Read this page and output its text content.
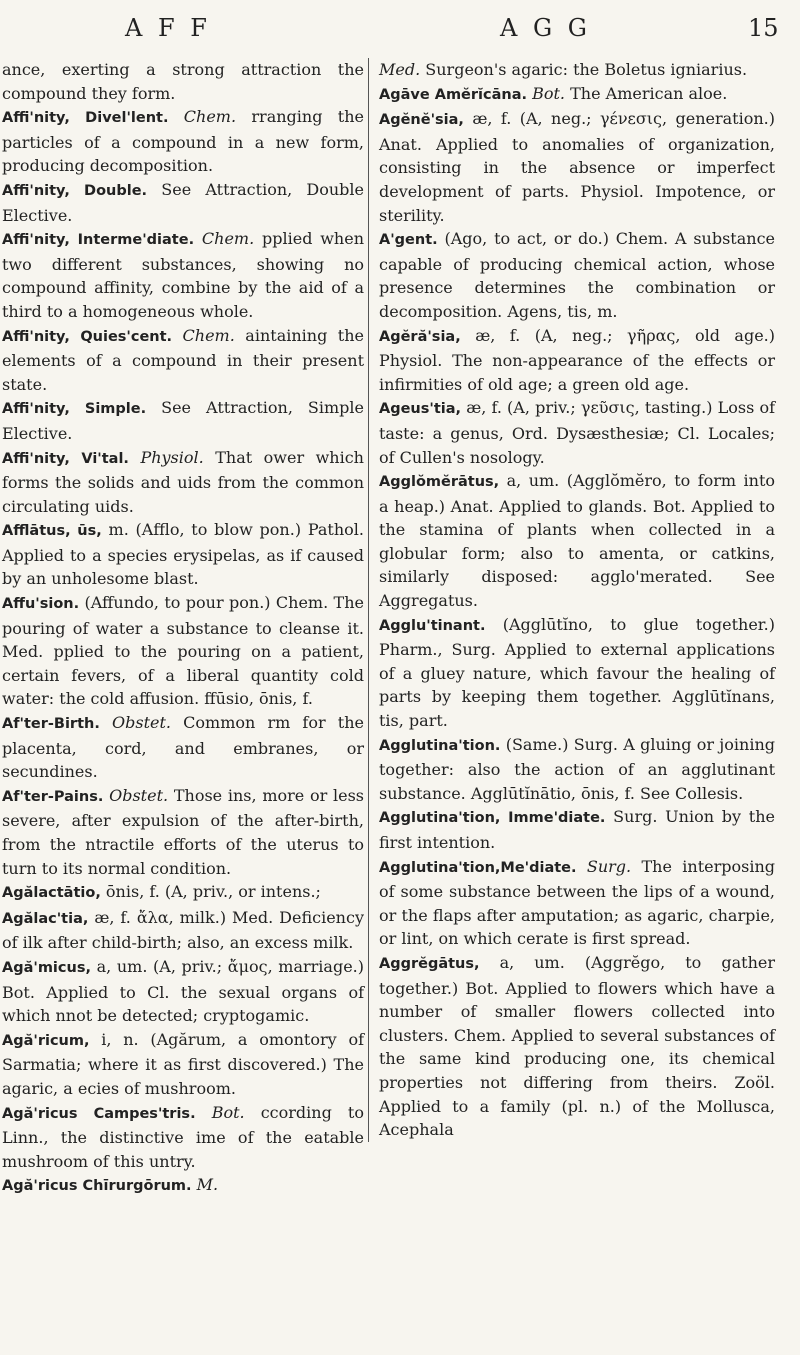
A F F	A G G	15

ance, exerting a strong attraction the compound they form.

Affi'nity, Divel'lent. Chem. rranging the particles of a compound in a new form, producing decomposition.

Affi'nity, Double. See Attraction, Double Elective.

Affi'nity, Interme'diate. Chem. pplied when two different substances, showing no compound affinity, combine by the aid of a third to a homogeneous whole.

Affi'nity, Quies'cent. Chem. aintaining the elements of a compound in their present state.

Affi'nity, Simple. See Attraction, Simple Elective.

Affi'nity, Vi'tal. Physiol. That ower which forms the solids and uids from the common circulating uids.

Afflātus, ūs, m. (Afflo, to blow pon.) Pathol. Applied to a species erysipelas, as if caused by an unholesome blast.

Affu'sion. (Affundo, to pour pon.) Chem. The pouring of water a substance to cleanse it. Med. pplied to the pouring on a patient, certain fevers, of a liberal quantity cold water: the cold affusion. ffūsio, ōnis, f.

Af'ter-Birth. Obstet. Common rm for the placenta, cord, and embranes, or secundines.

Af'ter-Pains. Obstet. Those ins, more or less severe, after expulsion of the after-birth, from the ntractile efforts of the uterus to turn to its normal condition.

Agălactātio, ōnis, f. (A, priv., or intens.;

Agălac'tia, æ, f. ἄλα, milk.) Med. Deficiency of ilk after child-birth; also, an excess milk.

Agă'micus, a, um. (A, priv.; ἄμος, marriage.) Bot. Applied to Cl. the sexual organs of which nnot be detected; cryptogamic.

Agă'ricum, i, n. (Agărum, a omontory of Sarmatia; where it as first discovered.) The agaric, a ecies of mushroom.

Agă'ricus Campes'tris. Bot. ccording to Linn., the distinctive ime of the eatable mushroom of this untry.

Agă'ricus Chīrurgōrum. M.

Med. Surgeon's agaric: the Boletus igniarius.

Agāve Amĕrĭcāna. Bot. The American aloe.

Agĕnĕ'sia, æ, f. (A, neg.; γένεσις, generation.) Anat. Applied to anomalies of organization, consisting in the absence or imperfect development of parts. Physiol. Impotence, or sterility.

A'gent. (Ago, to act, or do.) Chem. A substance capable of producing chemical action, whose presence determines the combination or decomposition. Agens, tis, m.

Agĕră'sia, æ, f. (A, neg.; γῆρας, old age.) Physiol. The non-appearance of the effects or infirmities of old age; a green old age.

Ageus'tia, æ, f. (A, priv.; γεῦσις, tasting.) Loss of taste: a genus, Ord. Dysæsthesiæ; Cl. Locales; of Cullen's nosology.

Agglŏmĕrātus, a, um. (Agglŏmĕro, to form into a heap.) Anat. Applied to glands. Bot. Applied to the stamina of plants when collected in a globular form; also to amenta, or catkins, similarly disposed: agglo'merated. See Aggregatus.

Agglu'tinant. (Agglūtĭno, to glue together.) Pharm., Surg. Applied to external applications of a gluey nature, which favour the healing of parts by keeping them together. Agglūtĭnans, tis, part.

Agglutina'tion. (Same.) Surg. A gluing or joining together: also the action of an agglutinant substance. Agglūtĭnātio, ōnis, f. See Collesis.

Agglutina'tion, Imme'diate. Surg. Union by the first intention.

Agglutina'tion,Me'diate. Surg. The interposing of some substance between the lips of a wound, or the flaps after amputation; as agaric, charpie, or lint, on which cerate is first spread.

Aggrĕgātus, a, um. (Aggrĕgo, to gather together.) Bot. Applied to flowers which have a number of smaller flowers collected into clusters. Chem. Applied to several substances of the same kind producing one, its chemical properties not differing from theirs. Zoöl. Applied to a family (pl. n.) of the Mollusca, Acephala
